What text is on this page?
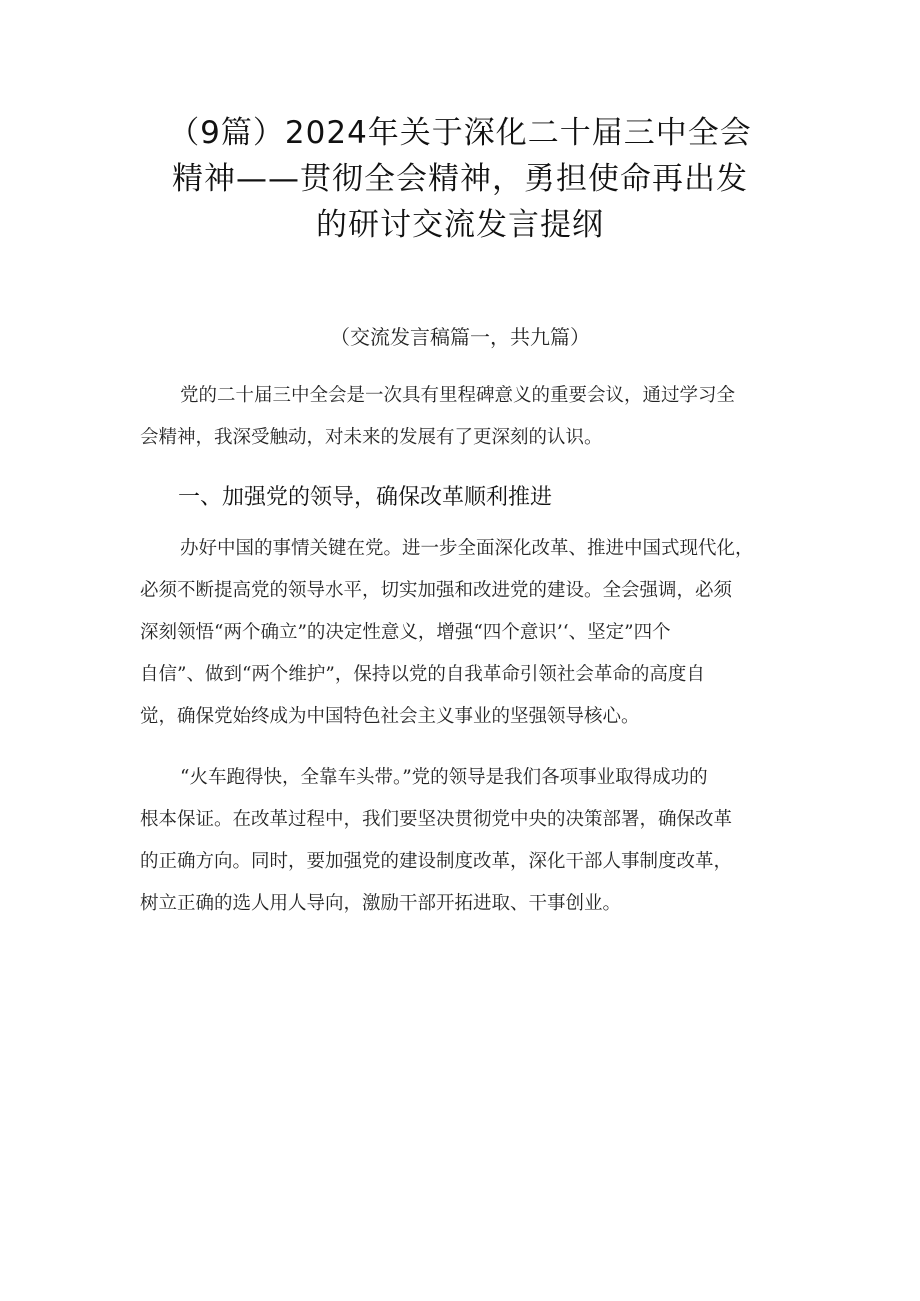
（9篇）2024年关于深化二十届三中全会
精神——贯彻全会精神，勇担使命再出发
的研讨交流发言提纲
（交流发言稿篇一，共九篇）
党的二十届三中全会是一次具有里程碑意义的重要会议，通过学习全
会精神，我深受触动，对未来的发展有了更深刻的认识。
一、加强党的领导，确保改革顺利推进
办好中国的事情关键在党。进一步全面深化改革、推进中国式现代化，
必须不断提高党的领导水平，切实加强和改进党的建设。全会强调，必须
深刻领悟“两个确立”的决定性意义，增强“四个意识’‘、坚定”四个
自信”、做到“两个维护”，保持以党的自我革命引领社会革命的高度自
觉，确保党始终成为中国特色社会主义事业的坚强领导核心。
“火车跑得快，全靠车头带。”党的领导是我们各项事业取得成功的
根本保证。在改革过程中，我们要坚决贯彻党中央的决策部署，确保改革
的正确方向。同时，要加强党的建设制度改革，深化干部人事制度改革，
树立正确的选人用人导向，激励干部开拓进取、干事创业。
